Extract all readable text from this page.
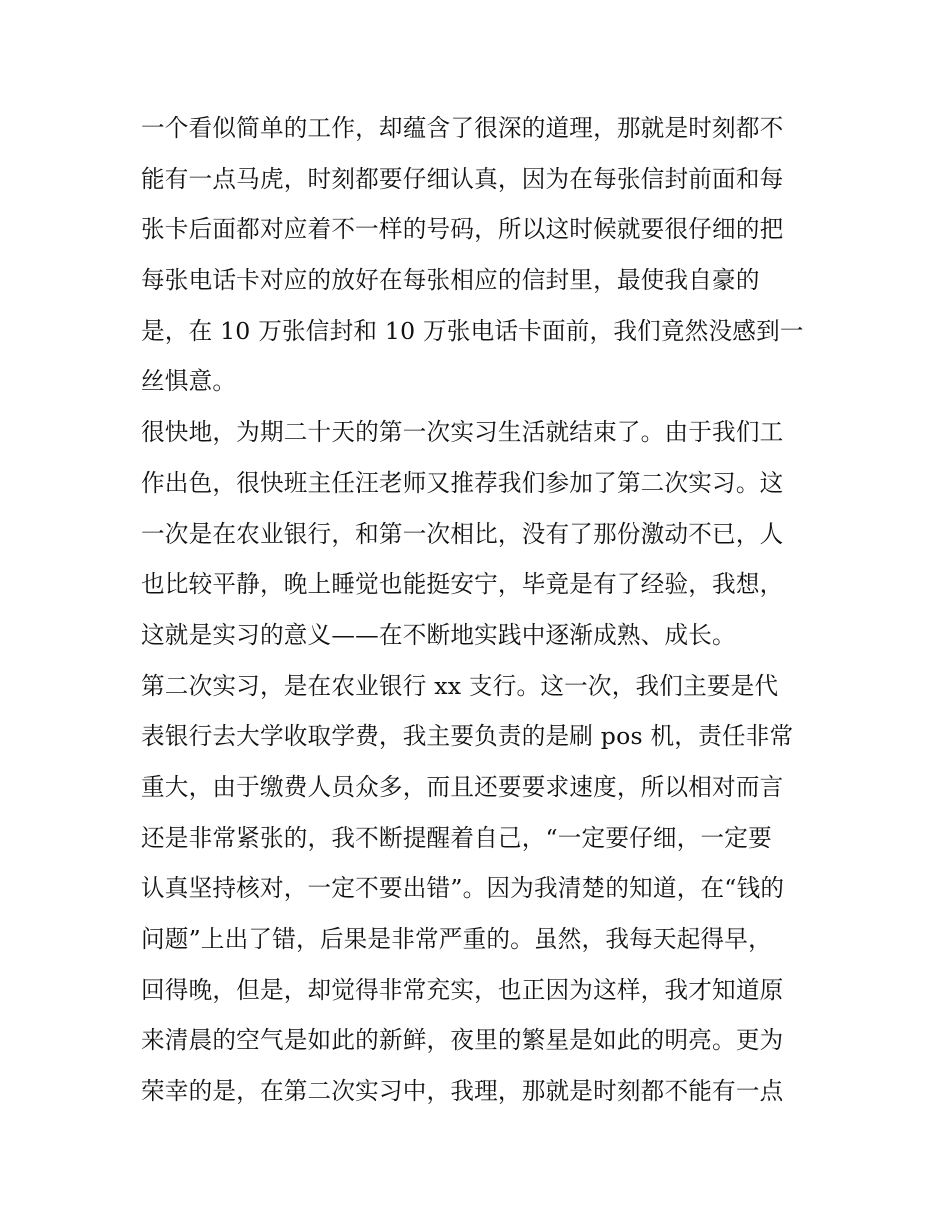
一个看似简单的工作，却蕴含了很深的道理，那就是时刻都不
能有一点马虎，时刻都要仔细认真，因为在每张信封前面和每
张卡后面都对应着不一样的号码，所以这时候就要很仔细的把
每张电话卡对应的放好在每张相应的信封里，最使我自豪的
是，在 10 万张信封和 10 万张电话卡面前，我们竟然没感到一
丝惧意。
很快地，为期二十天的第一次实习生活就结束了。由于我们工
作出色，很快班主任汪老师又推荐我们参加了第二次实习。这
一次是在农业银行，和第一次相比，没有了那份激动不已，人
也比较平静，晚上睡觉也能挺安宁，毕竟是有了经验，我想，
这就是实习的意义——在不断地实践中逐渐成熟、成长。
第二次实习，是在农业银行 xx 支行。这一次，我们主要是代
表银行去大学收取学费，我主要负责的是刷 pos 机，责任非常
重大，由于缴费人员众多，而且还要要求速度，所以相对而言
还是非常紧张的，我不断提醒着自己，“一定要仔细，一定要
认真坚持核对，一定不要出错”。因为我清楚的知道，在“钱的
问题”上出了错，后果是非常严重的。虽然，我每天起得早，
回得晚，但是，却觉得非常充实，也正因为这样，我才知道原
来清晨的空气是如此的新鲜，夜里的繁星是如此的明亮。更为
荣幸的是，在第二次实习中，我理，那就是时刻都不能有一点
